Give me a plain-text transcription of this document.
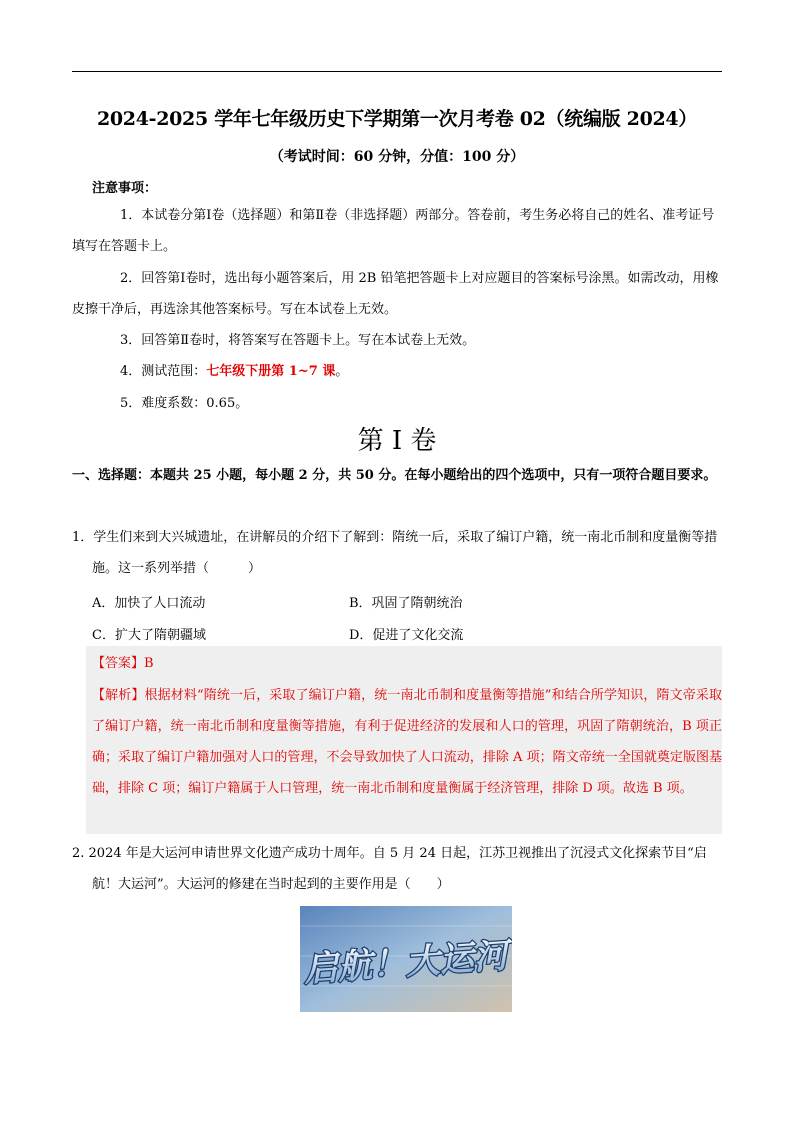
2024-2025 学年七年级历史下学期第一次月考卷 02（统编版 2024）
（考试时间：60 分钟，分值：100 分）
注意事项：
1．本试卷分第Ⅰ卷（选择题）和第Ⅱ卷（非选择题）两部分。答卷前，考生务必将自己的姓名、准考证号填写在答题卡上。
2．回答第Ⅰ卷时，选出每小题答案后，用 2B 铅笔把答题卡上对应题目的答案标号涂黑。如需改动，用橡皮擦干净后，再选涂其他答案标号。写在本试卷上无效。
3．回答第Ⅱ卷时，将答案写在答题卡上。写在本试卷上无效。
4．测试范围：七年级下册第 1~7 课。
5．难度系数：0.65。
第 Ⅰ 卷
一、选择题：本题共 25 小题，每小题 2 分，共 50 分。在每小题给出的四个选项中，只有一项符合题目要求。
1．学生们来到大兴城遗址，在讲解员的介绍下了解到：隋统一后，采取了编订户籍，统一南北币制和度量衡等措施。这一系列举措（　　　）
A．加快了人口流动	B．巩固了隋朝统治
C．扩大了隋朝疆域	D．促进了文化交流
【答案】B
【解析】根据材料“隋统一后，采取了编订户籍，统一南北币制和度量衡等措施”和结合所学知识，隋文帝采取了编订户籍，统一南北币制和度量衡等措施，有利于促进经济的发展和人口的管理，巩固了隋朝统治，B 项正确；采取了编订户籍加强对人口的管理，不会导致加快了人口流动，排除 A 项；隋文帝统一全国就奠定版图基础，排除 C 项；编订户籍属于人口管理，统一南北币制和度量衡属于经济管理，排除 D 项。故选 B 项。
2. 2024 年是大运河申请世界文化遗产成功十周年。自 5 月 24 日起，江苏卫视推出了沉浸式文化探索节目“启航！大运河”。大运河的修建在当时起到的主要作用是（　　）
启航！大运河
